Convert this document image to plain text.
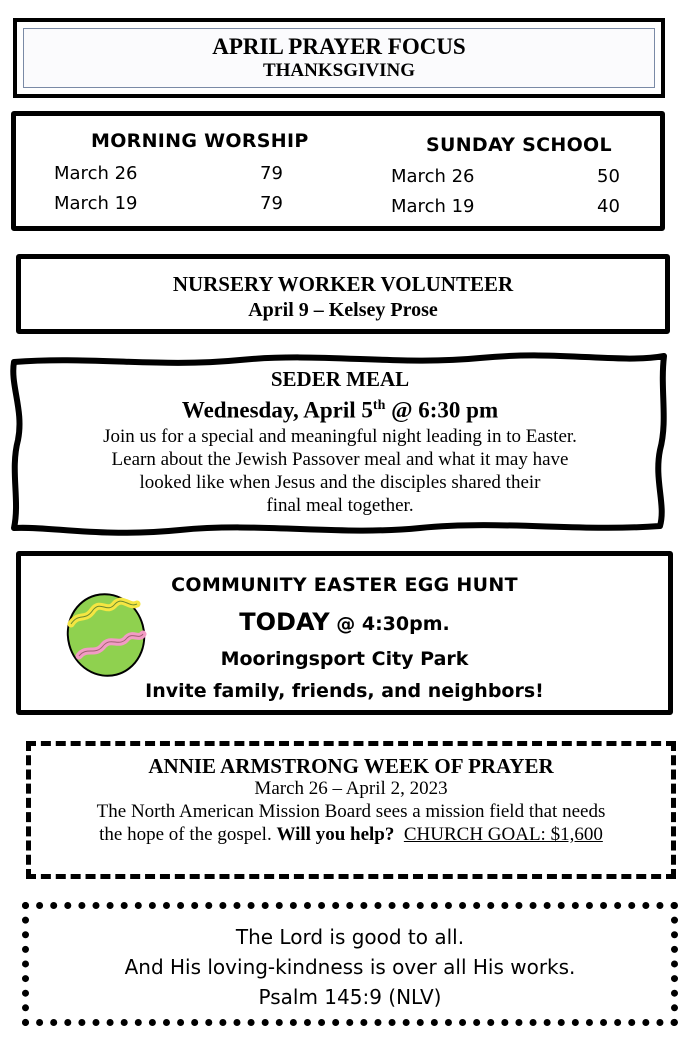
APRIL PRAYER FOCUS
THANKSGIVING
MORNING WORSHIP
March 26	79
March 19	79
SUNDAY SCHOOL
March 26	50
March 19	40
NURSERY WORKER VOLUNTEER
April 9 – Kelsey Prose
SEDER MEAL
Wednesday, April 5th @ 6:30 pm
Join us for a special and meaningful night leading in to Easter.
Learn about the Jewish Passover meal and what it may have
looked like when Jesus and the disciples shared their
final meal together.
COMMUNITY EASTER EGG HUNT
TODAY @ 4:30pm.
Mooringsport City Park
Invite family, friends, and neighbors!
ANNIE ARMSTRONG WEEK OF PRAYER
March 26 – April 2, 2023
The North American Mission Board sees a mission field that needs
the hope of the gospel. Will you help? CHURCH GOAL: $1,600
The Lord is good to all.
And His loving-kindness is over all His works.
Psalm 145:9 (NLV)
